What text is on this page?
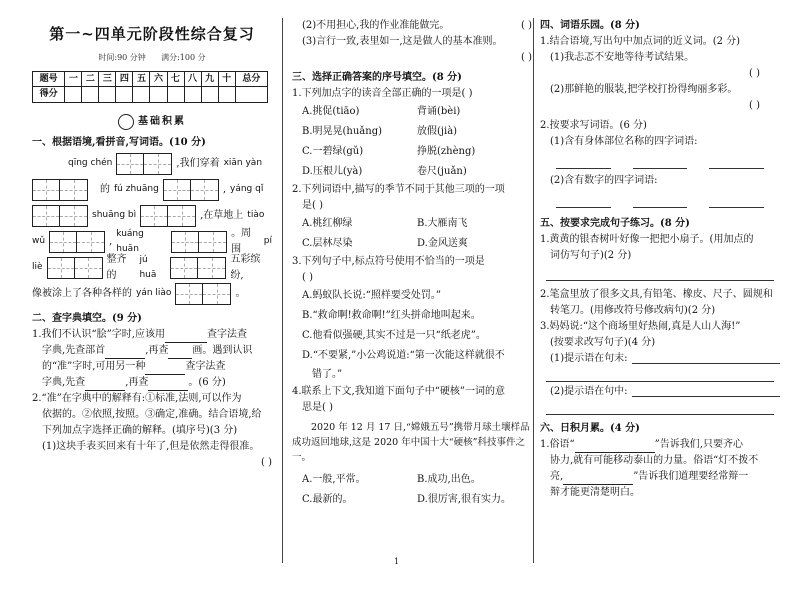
第一~四单元阶段性综合复习
时间:90 分钟 满分:100 分
题号	一	二	三	四	五	六	七	八	九	十	总分
得分											
基础积累
一、根据语境,看拼音,写词语。(10 分)
qīng chén	,我们穿着 xiān yàn
的 fú zhuāng	, yáng qǐ
shuāng bì	,在草地上 tiào
wǔ	,
kuáng huān
。周围
pí
liè
整齐的
jú huā
五彩缤纷,
像被涂上了各种各样的 yán liào	。
二、查字典填空。(9 分)

1.我们不认识“脍”字时,应该用	查字法查

字典,先查部首	,再查 画。遇到认识

的“准”字时,可用另一种	查字法查

字典,先查	,再查	。(6 分)

2.“准”在字典中的解释有:①标准,法则,可以作为

依据的。②依照,按照。③确定,准确。结合语境,给

下列加点字选择正确的解释。(填序号)(3 分)

(1)这块手表买回来有十年了,但是依然走得很准。

( )

(2)不用担心,我的作业准能做完。	( )

(3)言行一致,表里如一,这是做人的基本准则。

( )

三、选择正确答案的序号填空。(8 分)

1.下列加点字的读音全部正确的一项是( )

A.挑促(tiāo)	背诵(bèi)
B.明晃晃(huǎng)	放假(jià)
C.一碧绿(gǔ)	挣脱(zhèng)
D.压根儿(yà)	卷尺(juǎn)

2.下列词语中,描写的季节不同于其他三项的一项

是( )

A.桃红柳绿	B.大雁南飞
C.层林尽染	D.金风送爽

3.下列句子中,标点符号使用不恰当的一项是

( )

A.蚂蚁队长说:“照样要受处罚。”
B.“救命啊!救命啊!”红头拼命地叫起来。
C.他看似强硬,其实不过是一只“纸老虎”。
D.“不要紧,”小公鸡说道:“第一次能这样就很不
错了。”

4.联系上下文,我知道下面句子中“硬核”一词的意

思是( )

2020 年 12 月 17 日,“嫦娥五号”携带月球土壤样品成功返回地球,这是 2020 年中国十大“硬核”科技事件之一。

A.一般,平常。	B.成功,出色。
C.最新的。	D.很厉害,很有实力。
四、词语乐园。(8 分)

1.结合语境,写出句中加点词的近义词。(2 分)

(1)我忐忑不安地等待考试结果。

( )

(2)那鲜艳的服装,把学校打扮得绚丽多彩。

( )

2.按要求写词语。(6 分)

(1)含有身体部位名称的四字词语:

(2)含有数字的四字词语:

五、按要求完成句子练习。(8 分)

1.黄黄的银杏树叶好像一把把小扇子。(用加点的

词仿写句子)(2 分)

2.笔盒里放了很多文具,有铅笔、橡皮、尺子、圆规和

转笔刀。(用修改符号修改病句)(2 分)

3.妈妈说:“这个商场里好热闹,真是人山人海!”

(按要求改写句子)(4 分)

(1)提示语在句末:

(2)提示语在句中:

六、日积月累。(4 分)

1.俗语“	”告诉我们,只要齐心

协力,就有可能移动泰山的力量。俗语“灯不拨不

亮,	”告诉我们道理要经常辩一

辩才能更清楚明白。

1
